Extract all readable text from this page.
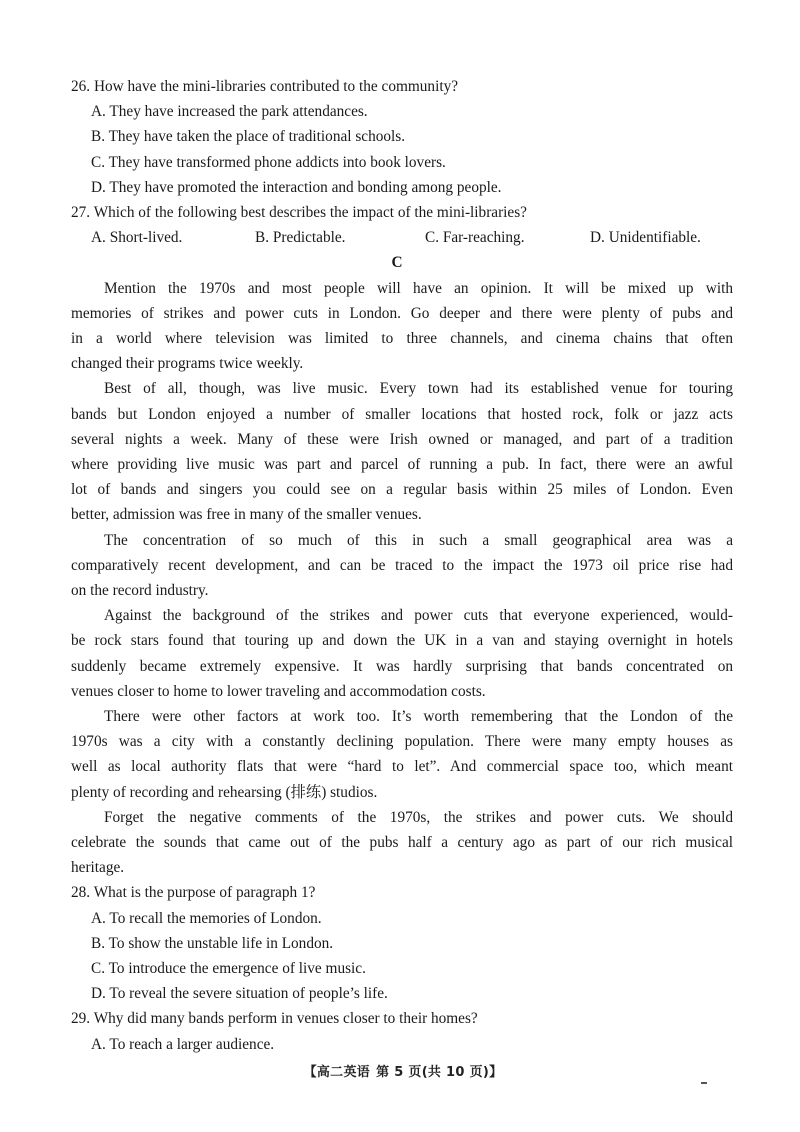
26. How have the mini-libraries contributed to the community?
A. They have increased the park attendances.
B. They have taken the place of traditional schools.
C. They have transformed phone addicts into book lovers.
D. They have promoted the interaction and bonding among people.
27. Which of the following best describes the impact of the mini-libraries?
A. Short-lived.	B. Predictable.	C. Far-reaching.	D. Unidentifiable.
C
Mention the 1970s and most people will have an opinion. It will be mixed up with
memories of strikes and power cuts in London. Go deeper and there were plenty of pubs and
in a world where television was limited to three channels, and cinema chains that often
changed their programs twice weekly.
Best of all, though, was live music. Every town had its established venue for touring
bands but London enjoyed a number of smaller locations that hosted rock, folk or jazz acts
several nights a week. Many of these were Irish owned or managed, and part of a tradition
where providing live music was part and parcel of running a pub. In fact, there were an awful
lot of bands and singers you could see on a regular basis within 25 miles of London. Even
better, admission was free in many of the smaller venues.
The concentration of so much of this in such a small geographical area was a
comparatively recent development, and can be traced to the impact the 1973 oil price rise had
on the record industry.
Against the background of the strikes and power cuts that everyone experienced, would-
be rock stars found that touring up and down the UK in a van and staying overnight in hotels
suddenly became extremely expensive. It was hardly surprising that bands concentrated on
venues closer to home to lower traveling and accommodation costs.
There were other factors at work too. It’s worth remembering that the London of the
1970s was a city with a constantly declining population. There were many empty houses as
well as local authority flats that were “hard to let”. And commercial space too, which meant
plenty of recording and rehearsing (排练) studios.
Forget the negative comments of the 1970s, the strikes and power cuts. We should
celebrate the sounds that came out of the pubs half a century ago as part of our rich musical
heritage.
28. What is the purpose of paragraph 1?
A. To recall the memories of London.
B. To show the unstable life in London.
C. To introduce the emergence of live music.
D. To reveal the severe situation of people’s life.
29. Why did many bands perform in venues closer to their homes?
A. To reach a larger audience.
【高二英语 第 5 页(共 10 页)】
